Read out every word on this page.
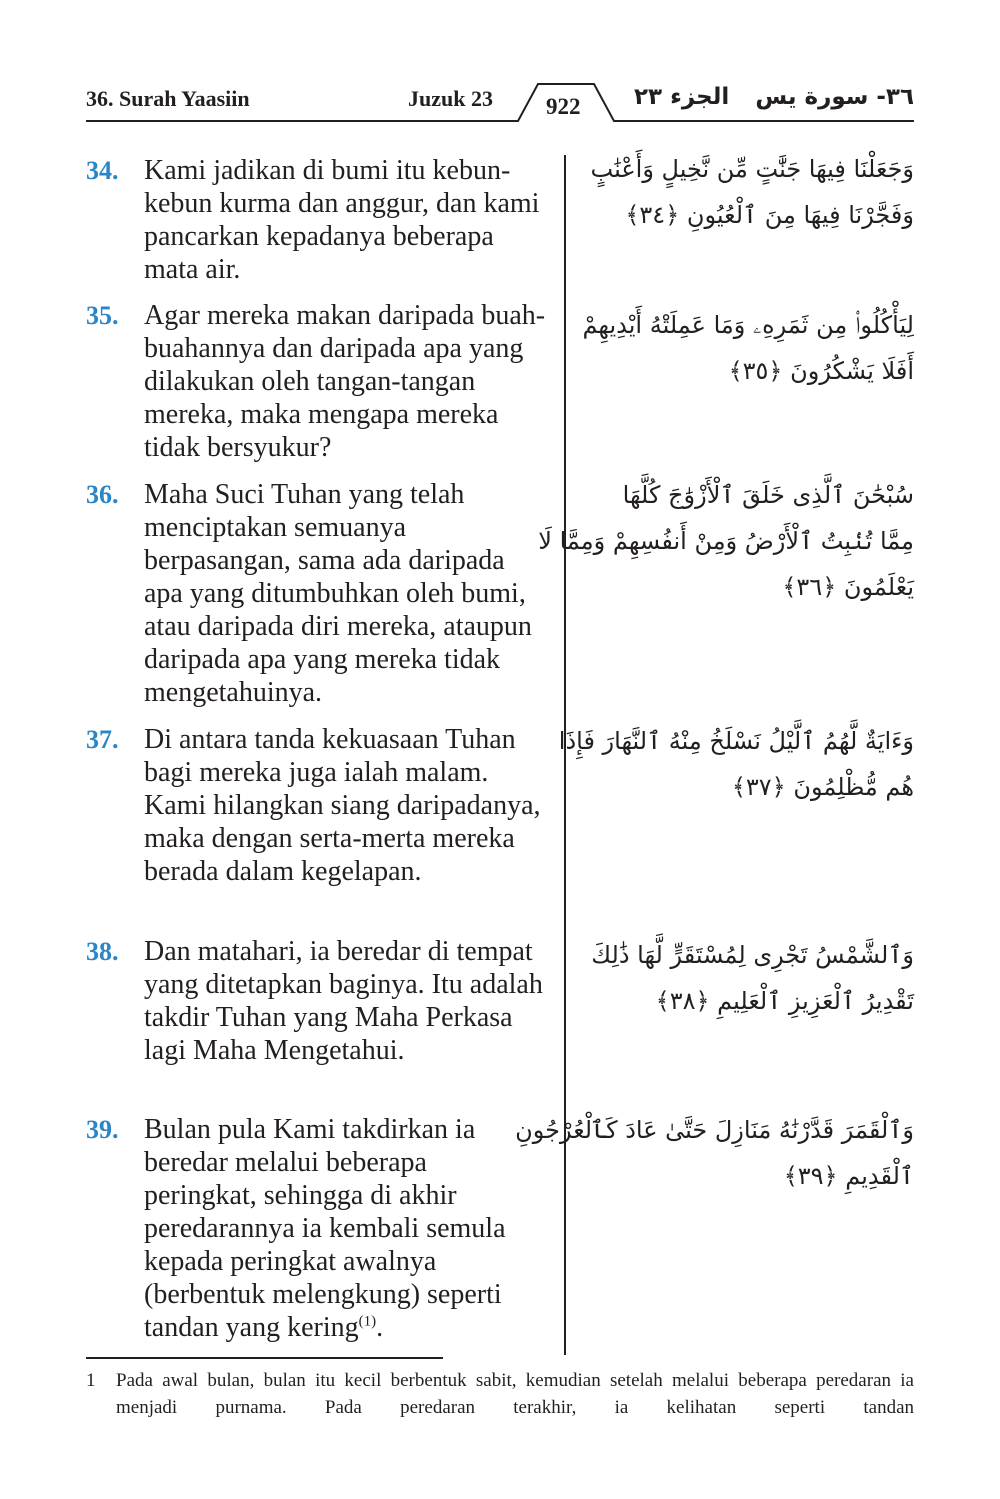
36. Surah Yaasiin	Juzuk 23 922 الجزء ٢٣ ٣٦- سورة يس
34. Kami jadikan di bumi itu kebun-kebun kurma dan anggur, dan kami pancarkan kepadanya beberapa mata air.
وَجَعَلْنَا فِيهَا جَنَّٰتٍ مِّن نَّخِيلٍ وَأَعْنَٰبٍ
وَفَجَّرْنَا فِيهَا مِنَ ٱلْعُيُونِ ﴿٣٤﴾
35. Agar mereka makan daripada buah-buahannya dan daripada apa yang dilakukan oleh tangan-tangan mereka, maka mengapa mereka tidak bersyukur?
لِيَأْكُلُوا۟ مِن ثَمَرِهِۦ وَمَا عَمِلَتْهُ أَيْدِيهِمْ
أَفَلَا يَشْكُرُونَ ﴿٣٥﴾
36. Maha Suci Tuhan yang telah menciptakan semuanya berpasangan, sama ada daripada apa yang ditumbuhkan oleh bumi, atau daripada diri mereka, ataupun daripada apa yang mereka tidak mengetahuinya.
سُبْحَٰنَ ٱلَّذِى خَلَقَ ٱلْأَزْوَٰجَ كُلَّهَا
مِمَّا تُنۢبِتُ ٱلْأَرْضُ وَمِنْ أَنفُسِهِمْ وَمِمَّا لَا
يَعْلَمُونَ ﴿٣٦﴾
37. Di antara tanda kekuasaan Tuhan bagi mereka juga ialah malam. Kami hilangkan siang daripadanya, maka dengan serta-merta mereka berada dalam kegelapan.
وَءَايَةٌ لَّهُمُ ٱلَّيْلُ نَسْلَخُ مِنْهُ ٱلنَّهَارَ فَإِذَا
هُم مُّظْلِمُونَ ﴿٣٧﴾
38. Dan matahari, ia beredar di tempat yang ditetapkan baginya. Itu adalah takdir Tuhan yang Maha Perkasa lagi Maha Mengetahui.
وَٱلشَّمْسُ تَجْرِى لِمُسْتَقَرٍّ لَّهَا ذَٰلِكَ
تَقْدِيرُ ٱلْعَزِيزِ ٱلْعَلِيمِ ﴿٣٨﴾
39. Bulan pula Kami takdirkan ia beredar melalui beberapa peringkat, sehingga di akhir peredarannya ia kembali semula kepada peringkat awalnya (berbentuk melengkung) seperti tandan yang kering$^{(1)}$.
وَٱلْقَمَرَ قَدَّرْنَٰهُ مَنَازِلَ حَتَّىٰ عَادَ كَٱلْعُرْجُونِ
ٱلْقَدِيمِ ﴿٣٩﴾
1 Pada awal bulan, bulan itu kecil berbentuk sabit, kemudian setelah melalui beberapa peredaran ia menjadi purnama. Pada peredaran terakhir, ia kelihatan seperti tandan
